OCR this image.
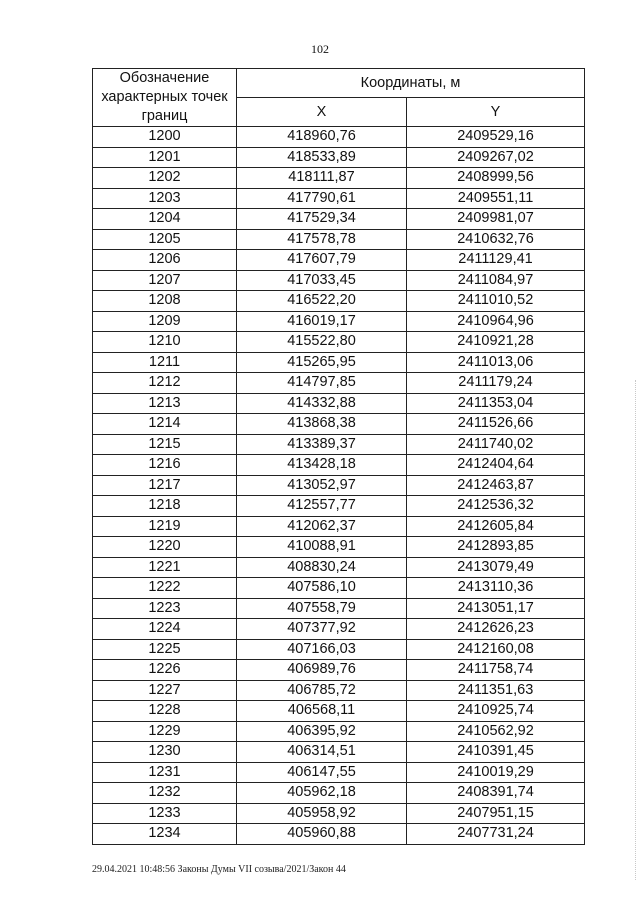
102
Обозначение характерных точек границ	Координаты, м	
	X	Y
1200	418960,76	2409529,16
1201	418533,89	2409267,02
1202	418111,87	2408999,56
1203	417790,61	2409551,11
1204	417529,34	2409981,07
1205	417578,78	2410632,76
1206	417607,79	2411129,41
1207	417033,45	2411084,97
1208	416522,20	2411010,52
1209	416019,17	2410964,96
1210	415522,80	2410921,28
1211	415265,95	2411013,06
1212	414797,85	2411179,24
1213	414332,88	2411353,04
1214	413868,38	2411526,66
1215	413389,37	2411740,02
1216	413428,18	2412404,64
1217	413052,97	2412463,87
1218	412557,77	2412536,32
1219	412062,37	2412605,84
1220	410088,91	2412893,85
1221	408830,24	2413079,49
1222	407586,10	2413110,36
1223	407558,79	2413051,17
1224	407377,92	2412626,23
1225	407166,03	2412160,08
1226	406989,76	2411758,74
1227	406785,72	2411351,63
1228	406568,11	2410925,74
1229	406395,92	2410562,92
1230	406314,51	2410391,45
1231	406147,55	2410019,29
1232	405962,18	2408391,74
1233	405958,92	2407951,15
1234	405960,88	2407731,24
29.04.2021 10:48:56 Законы Думы VII созыва/2021/Закон 44
